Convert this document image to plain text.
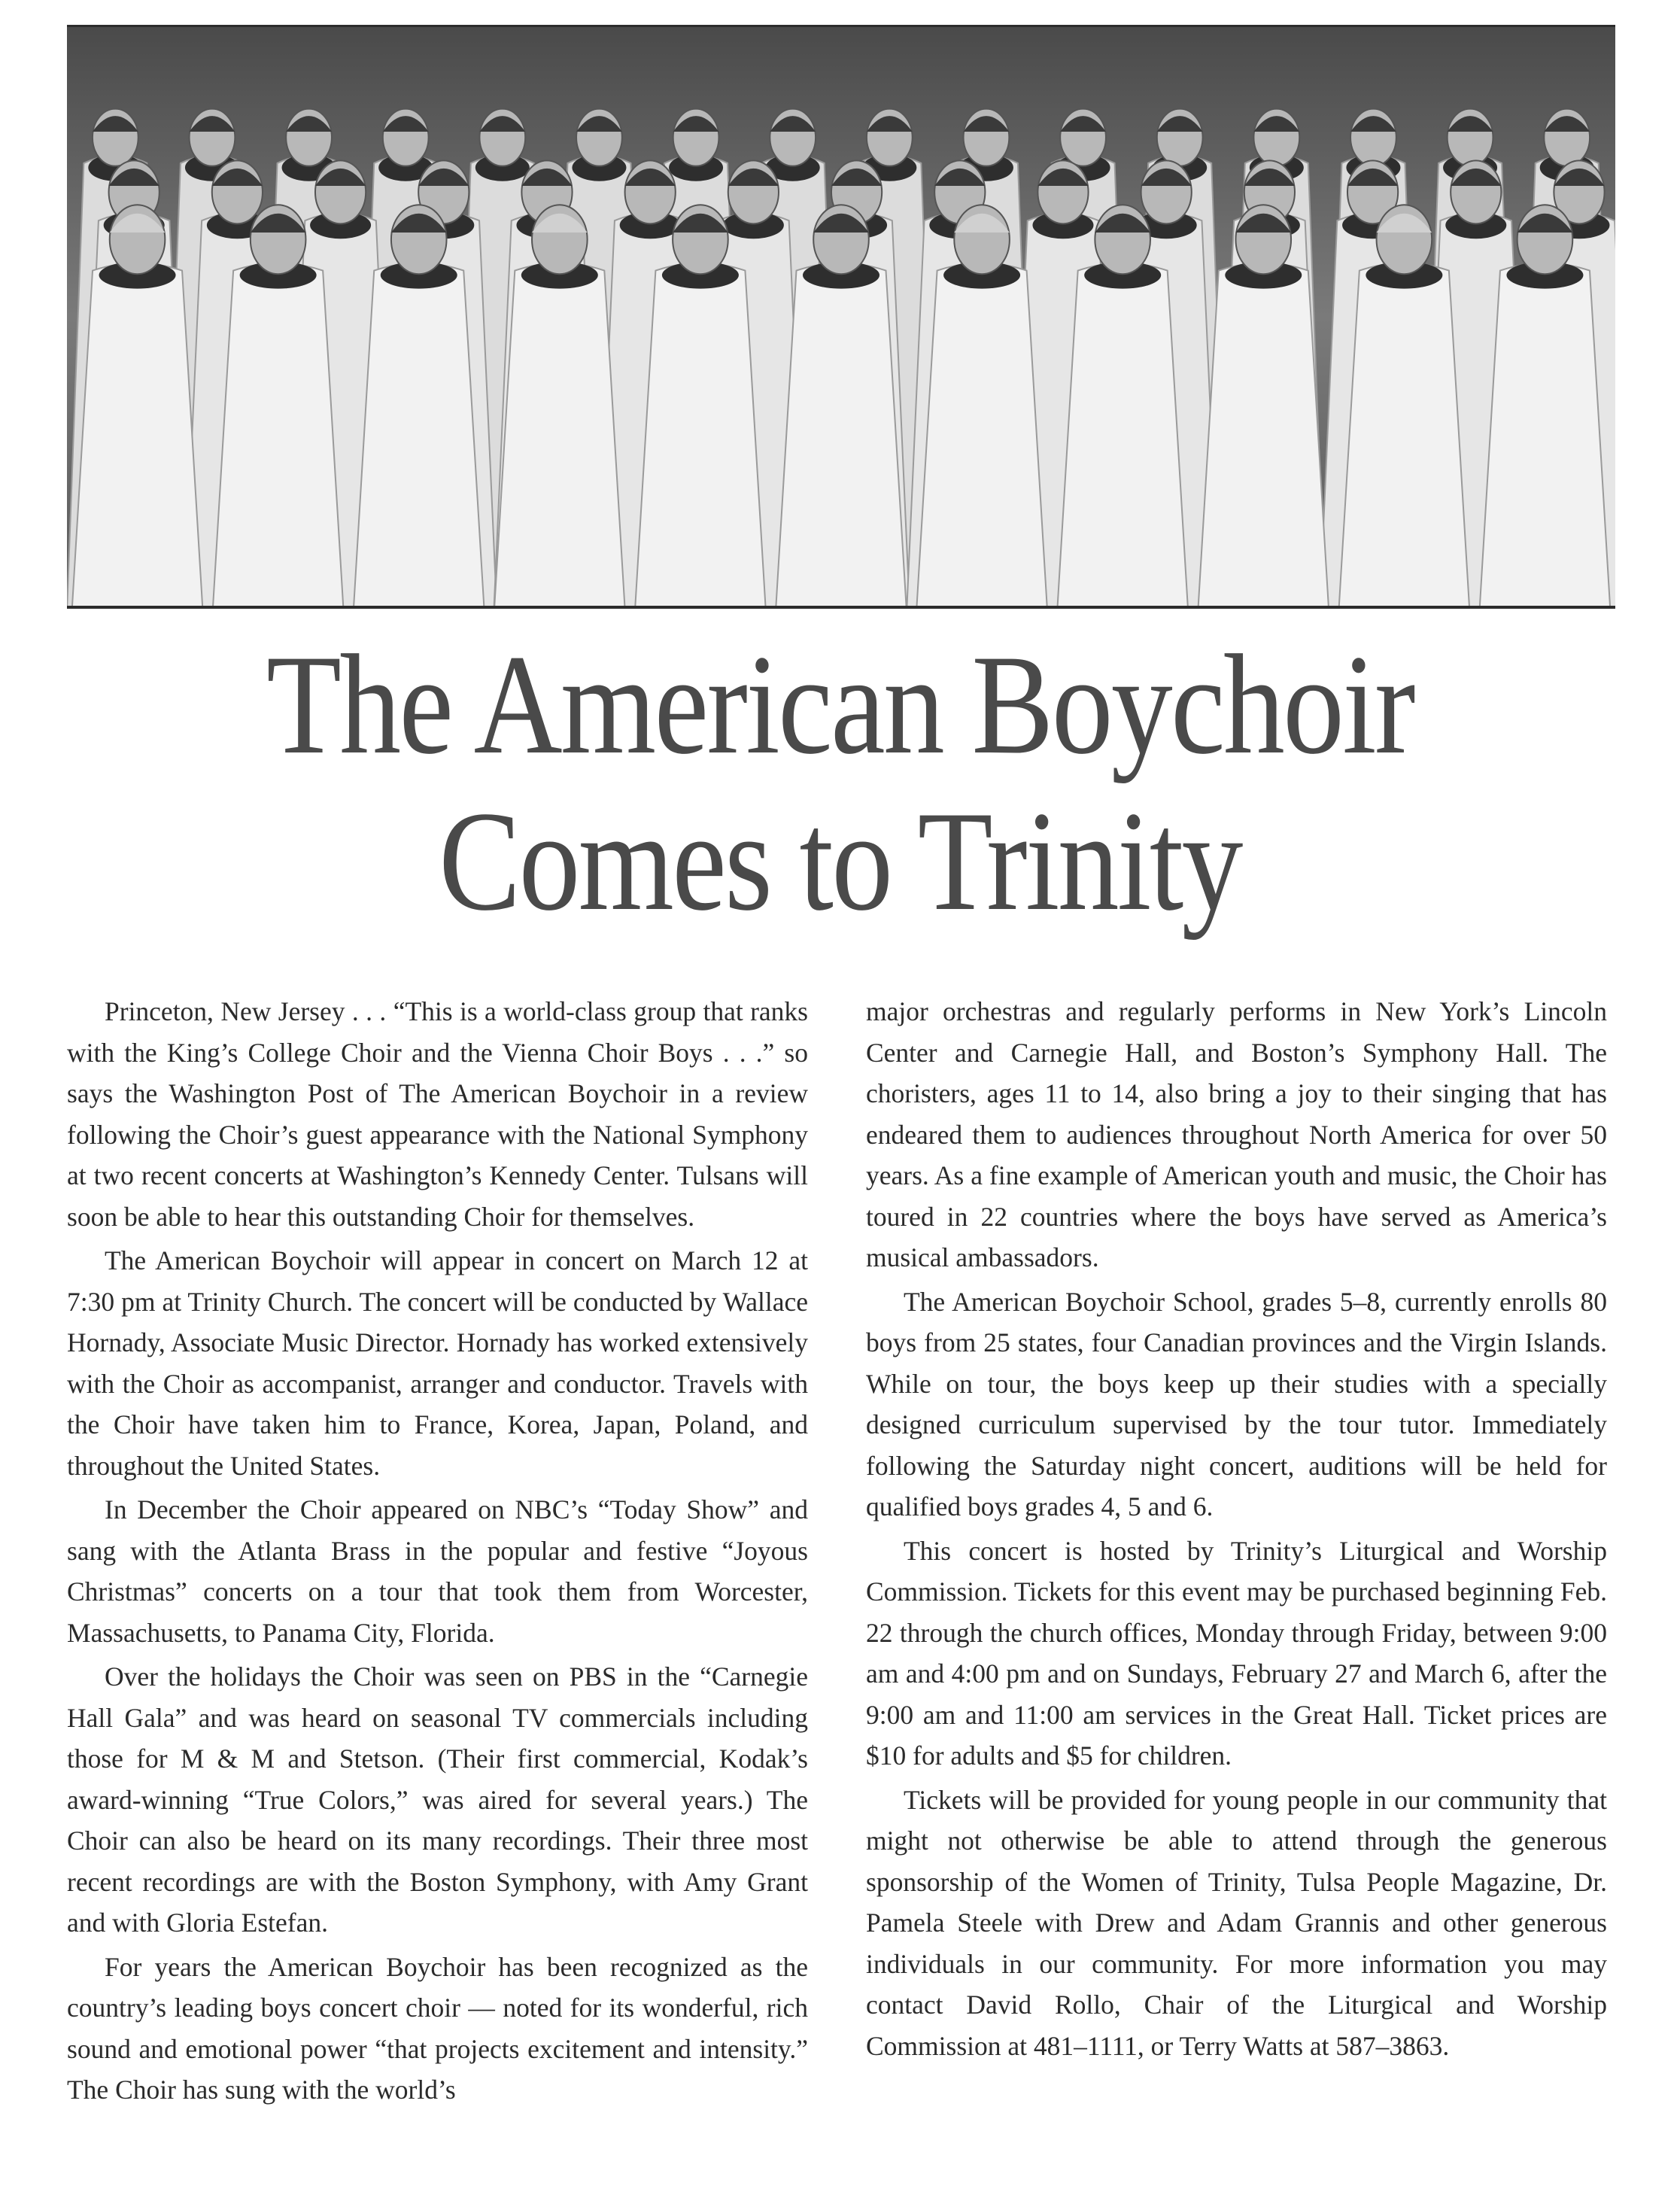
The American Boychoir
Comes to Trinity

Princeton, New Jersey . . . “This is a world-class group that ranks with the King’s College Choir and the Vienna Choir Boys . . .” so says the Washington Post of The American Boychoir in a review following the Choir’s guest appearance with the National Symphony at two recent concerts at Washington’s Kennedy Center. Tulsans will soon be able to hear this outstanding Choir for themselves.

The American Boychoir will appear in concert on March 12 at 7:30 pm at Trinity Church. The concert will be conducted by Wallace Hornady, Associate Music Director. Hornady has worked extensively with the Choir as accompanist, arranger and conductor. Travels with the Choir have taken him to France, Korea, Japan, Poland, and throughout the United States.

In December the Choir appeared on NBC’s “Today Show” and sang with the Atlanta Brass in the popular and festive “Joyous Christmas” concerts on a tour that took them from Worcester, Massachusetts, to Panama City, Florida.

Over the holidays the Choir was seen on PBS in the “Carnegie Hall Gala” and was heard on seasonal TV commercials including those for M & M and Stetson. (Their first commercial, Kodak’s award-winning “True Colors,” was aired for several years.) The Choir can also be heard on its many recordings. Their three most recent recordings are with the Boston Symphony, with Amy Grant and with Gloria Estefan.

For years the American Boychoir has been recognized as the country’s leading boys concert choir — noted for its wonderful, rich sound and emotional power “that projects excitement and intensity.” The Choir has sung with the world’s

major orchestras and regularly performs in New York’s Lincoln Center and Carnegie Hall, and Boston’s Symphony Hall. The choristers, ages 11 to 14, also bring a joy to their singing that has endeared them to audiences throughout North America for over 50 years. As a fine example of American youth and music, the Choir has toured in 22 countries where the boys have served as America’s musical ambassadors.

The American Boychoir School, grades 5–8, currently enrolls 80 boys from 25 states, four Canadian provinces and the Virgin Islands. While on tour, the boys keep up their studies with a specially designed curriculum supervised by the tour tutor. Immediately following the Saturday night concert, auditions will be held for qualified boys grades 4, 5 and 6.

This concert is hosted by Trinity’s Liturgical and Worship Commission. Tickets for this event may be purchased beginning Feb. 22 through the church offices, Monday through Friday, between 9:00 am and 4:00 pm and on Sundays, February 27 and March 6, after the 9:00 am and 11:00 am services in the Great Hall. Ticket prices are $10 for adults and $5 for children.

Tickets will be provided for young people in our community that might not otherwise be able to attend through the generous sponsorship of the Women of Trinity, Tulsa People Magazine, Dr. Pamela Steele with Drew and Adam Grannis and other generous individuals in our community. For more information you may contact David Rollo, Chair of the Liturgical and Worship Commission at 481–1111, or Terry Watts at 587–3863.
